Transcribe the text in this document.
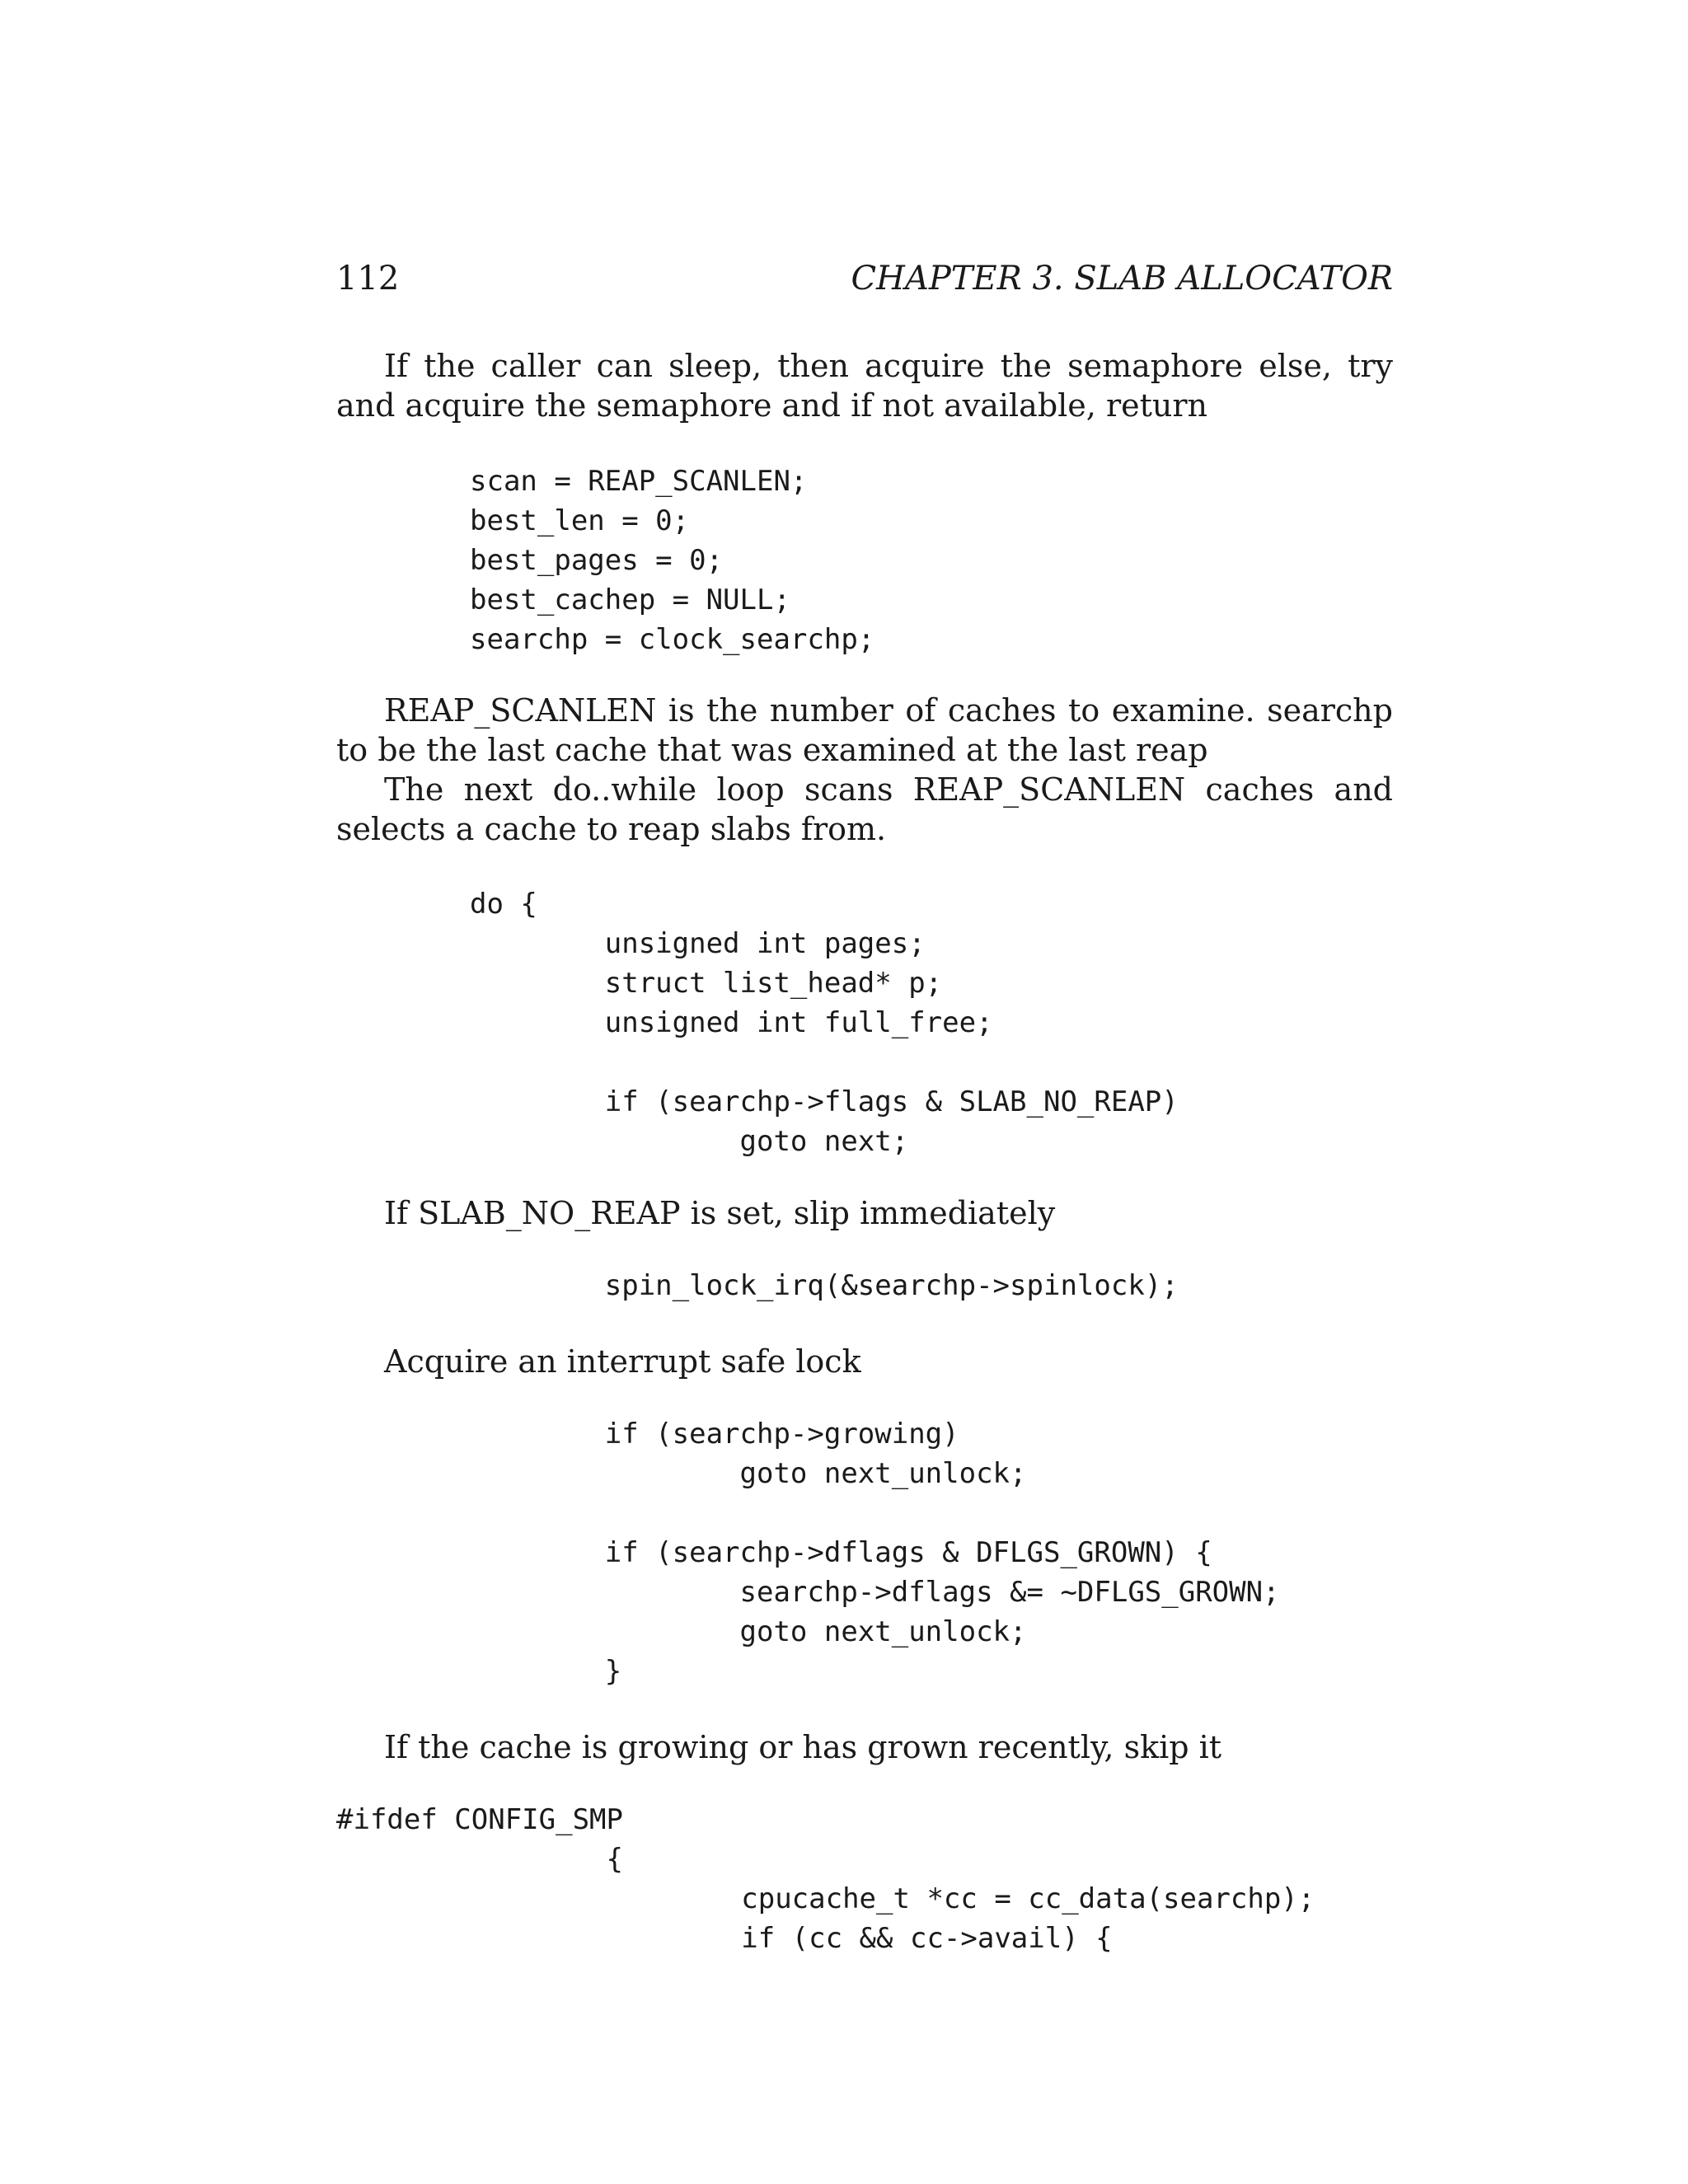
112	CHAPTER 3. SLAB ALLOCATOR

If the caller can sleep, then acquire the semaphore else, try and acquire the semaphore and if not available, return

scan = REAP_SCANLEN;
best_len = 0;
best_pages = 0;
best_cachep = NULL;
searchp = clock_searchp;

REAP_SCANLEN is the number of caches to examine. searchp to be the last cache that was examined at the last reap

The next do..while loop scans REAP_SCANLEN caches and selects a cache to reap slabs from.

do {
unsigned int pages;
struct list_head* p;
unsigned int full_free;

if (searchp->flags & SLAB_NO_REAP)
goto next;

If SLAB_NO_REAP is set, slip immediately

spin_lock_irq(&searchp->spinlock);

Acquire an interrupt safe lock

if (searchp->growing)
goto next_unlock;

if (searchp->dflags & DFLGS_GROWN) {
searchp->dflags &= ~DFLGS_GROWN;
goto next_unlock;
}

If the cache is growing or has grown recently, skip it

#ifdef CONFIG_SMP
{
cpucache_t *cc = cc_data(searchp);
if (cc && cc->avail) {
